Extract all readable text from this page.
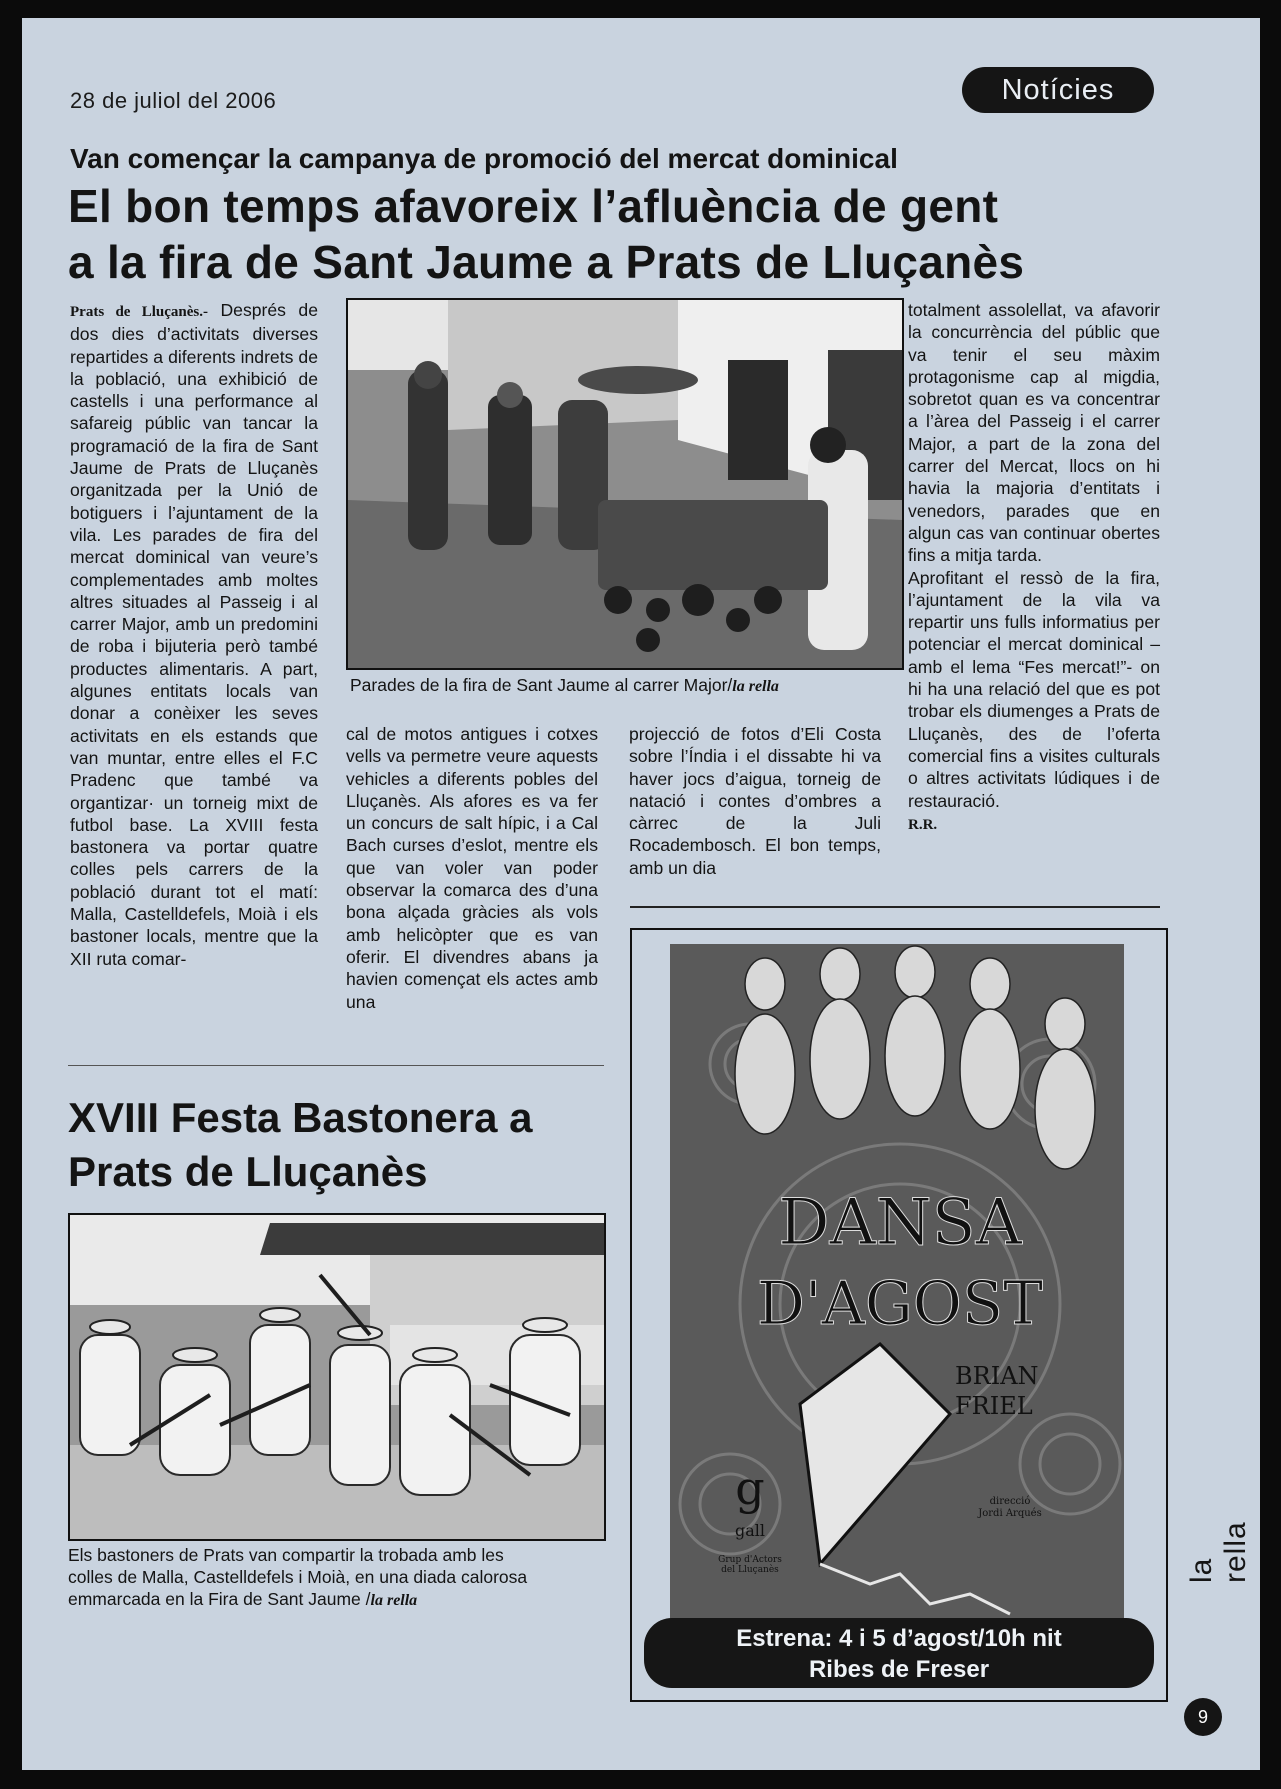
28 de juliol del 2006	Notícies
Van començar la campanya de promoció del mercat dominical
El bon temps afavoreix l’afluència de gent
a la fira de Sant Jaume a Prats de Lluçanès

Prats de Lluçanès.- Després de dos dies d’activitats diverses repartides a diferents indrets de la població, una exhibició de castells i una performance al safareig públic van tancar la programació de la fira de Sant Jaume de Prats de Lluçanès organitzada per la Unió de botiguers i l’ajuntament de la vila. Les parades de fira del mercat dominical van veure’s complementades amb moltes altres situades al Passeig i al carrer Major, amb un predomini de roba i bijuteria però també productes alimentaris. A part, algunes entitats locals van donar a conèixer les seves activitats en els estands que van muntar, entre elles el F.C Pradenc que també va organtizar· un torneig mixt de futbol base. La XVIII festa bastonera va portar quatre colles pels carrers de la població durant tot el matí: Malla, Castelldefels, Moià i els bastoner locals, mentre que la XII ruta comar-

Parades de la fira de Sant Jaume al carrer Major/la rella

cal de motos antigues i cotxes vells va permetre veure aquests vehicles a diferents pobles del Lluçanès. Als afores es va fer un concurs de salt hípic, i a Cal Bach curses d’eslot, mentre els que van voler van poder observar la comarca des d’una bona alçada gràcies als vols amb helicòpter que es van oferir. El divendres abans ja havien començat els actes amb una

projecció de fotos d’Eli Costa sobre l’Índia i el dissabte hi va haver jocs d’aigua, torneig de natació i contes d’ombres a càrrec de la Juli Rocadembosch. El bon temps, amb un dia

totalment assolellat, va afavorir la concurrència del públic que va tenir el seu màxim protagonisme cap al migdia, sobretot quan es va concentrar a l’àrea del Passeig i el carrer Major, a part de la zona del carrer del Mercat, llocs on hi havia la majoria d’entitats i venedors, parades que en algun cas van continuar obertes fins a mitja tarda.

Aprofitant el ressò de la fira, l’ajuntament de la vila va repartir uns fulls informatius per potenciar el mercat dominical –amb el lema “Fes mercat!”- on hi ha una relació del que es pot trobar els diumenges a Prats de Lluçanès, des de l’oferta comercial fins a visites culturals o altres activitats lúdiques i de restauració.

R.R.

XVIII Festa Bastonera a
Prats de Lluçanès
Els bastoners de Prats van compartir la trobada amb les
colles de Malla, Castelldefels i Moià, en una diada calorosa
emmarcada en la Fira de Sant Jaume /la rella
DANSA
D'AGOST
BRIAN
FRIEL
direcció
Jordi Arqués
g
gall
Grup d'Actors
del Lluçanès
Estrena: 4 i 5 d’agost/10h nit
Ribes de Freser
la rella
9
